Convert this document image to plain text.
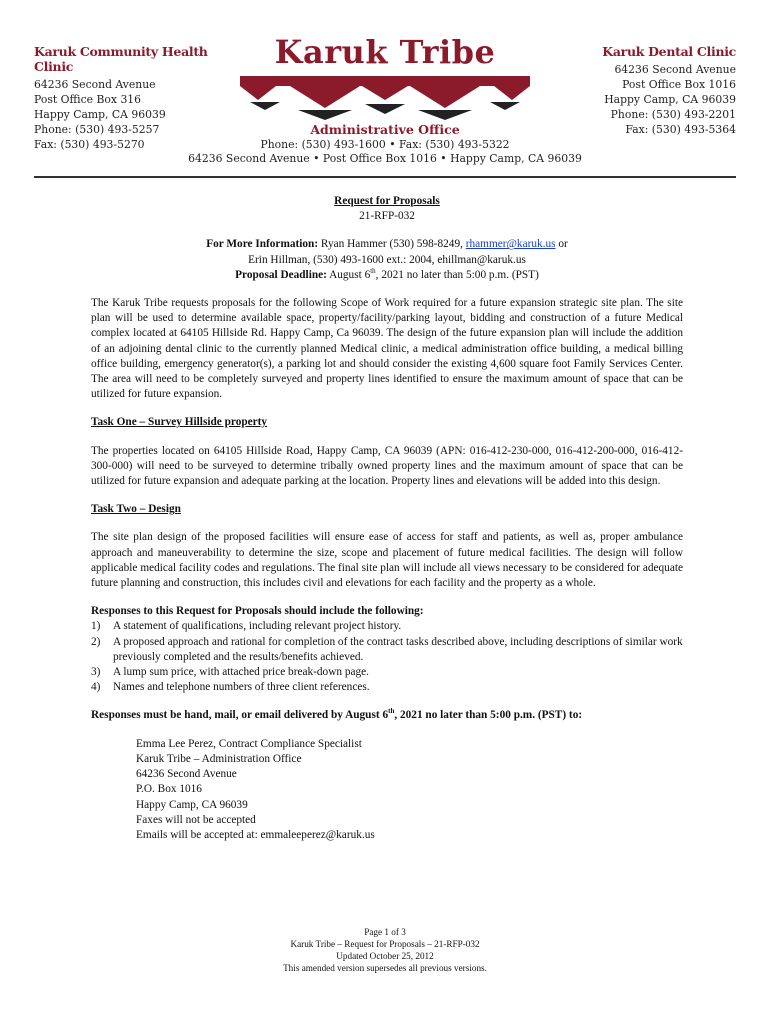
Karuk Community Health Clinic
64236 Second Avenue
Post Office Box 316
Happy Camp, CA 96039
Phone: (530) 493-5257
Fax: (530) 493-5270
Karuk Tribe
Administrative Office
Phone: (530) 493-1600 • Fax: (530) 493-5322
64236 Second Avenue • Post Office Box 1016 • Happy Camp, CA 96039
Karuk Dental Clinic
64236 Second Avenue
Post Office Box 1016
Happy Camp, CA 96039
Phone: (530) 493-2201
Fax: (530) 493-5364
Request for Proposals
21-RFP-032
For More Information: Ryan Hammer (530) 598-8249, rhammer@karuk.us or
Erin Hillman, (530) 493-1600 ext.: 2004, ehillman@karuk.us
Proposal Deadline: August 6th, 2021 no later than 5:00 p.m. (PST)

The Karuk Tribe requests proposals for the following Scope of Work required for a future expansion strategic site plan. The site plan will be used to determine available space, property/facility/parking layout, bidding and construction of a future Medical complex located at 64105 Hillside Rd. Happy Camp, Ca 96039. The design of the future expansion plan will include the addition of an adjoining dental clinic to the currently planned Medical clinic, a medical administration office building, a medical billing office building, emergency generator(s), a parking lot and should consider the existing 4,600 square foot Family Services Center. The area will need to be completely surveyed and property lines identified to ensure the maximum amount of space that can be utilized for future expansion.

Task One – Survey Hillside property

The properties located on 64105 Hillside Road, Happy Camp, CA 96039 (APN: 016-412-230-000, 016-412-200-000, 016-412-300-000) will need to be surveyed to determine tribally owned property lines and the maximum amount of space that can be utilized for future expansion and adequate parking at the location. Property lines and elevations will be added into this design.

Task Two – Design

The site plan design of the proposed facilities will ensure ease of access for staff and patients, as well as, proper ambulance approach and maneuverability to determine the size, scope and placement of future medical facilities. The design will follow applicable medical facility codes and regulations. The final site plan will include all views necessary to be considered for adequate future planning and construction, this includes civil and elevations for each facility and the property as a whole.

Responses to this Request for Proposals should include the following:
1) A statement of qualifications, including relevant project history.
2) A proposed approach and rational for completion of the contract tasks described above, including descriptions of similar work previously completed and the results/benefits achieved.
3) A lump sum price, with attached price break-down page.
4) Names and telephone numbers of three client references.
Responses must be hand, mail, or email delivered by August 6th, 2021 no later than 5:00 p.m. (PST) to:
Emma Lee Perez, Contract Compliance Specialist
Karuk Tribe – Administration Office
64236 Second Avenue
P.O. Box 1016
Happy Camp, CA 96039
Faxes will not be accepted
Emails will be accepted at: emmaleeperez@karuk.us
Page 1 of 3
Karuk Tribe – Request for Proposals – 21-RFP-032
Updated October 25, 2012
This amended version supersedes all previous versions.
